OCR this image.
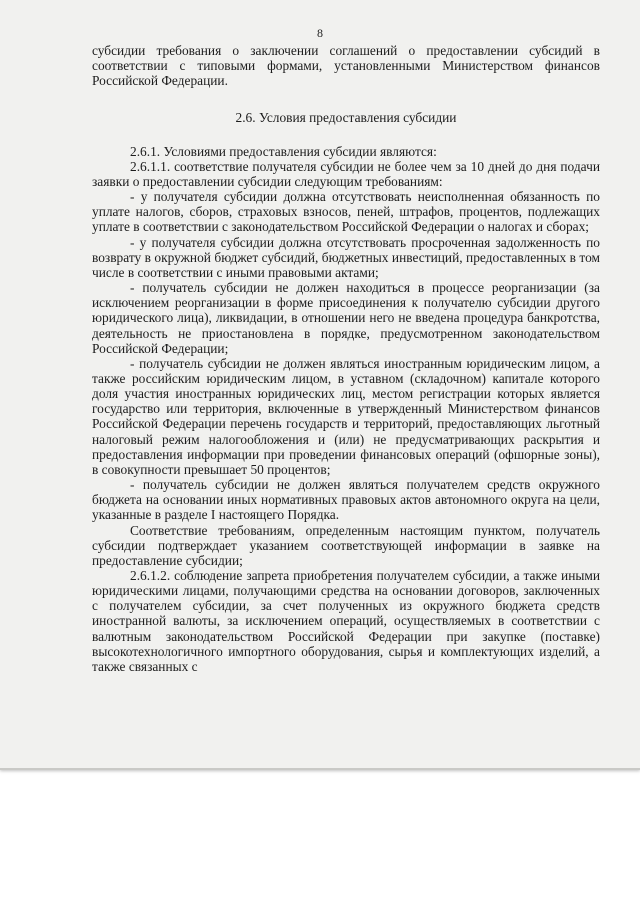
8

субсидии требования о заключении соглашений о предоставлении субсидий в соответствии с типовыми формами, установленными Министерством финансов Российской Федерации.

2.6. Условия предоставления субсидии

2.6.1. Условиями предоставления субсидии являются:

2.6.1.1. соответствие получателя субсидии не более чем за 10 дней до дня подачи заявки о предоставлении субсидии следующим требованиям:

- у получателя субсидии должна отсутствовать неисполненная обязанность по уплате налогов, сборов, страховых взносов, пеней, штрафов, процентов, подлежащих уплате в соответствии с законодательством Российской Федерации о налогах и сборах;

- у получателя субсидии должна отсутствовать просроченная задолженность по возврату в окружной бюджет субсидий, бюджетных инвестиций, предоставленных в том числе в соответствии с иными правовыми актами;

- получатель субсидии не должен находиться в процессе реорганизации (за исключением реорганизации в форме присоединения к получателю субсидии другого юридического лица), ликвидации, в отношении него не введена процедура банкротства, деятельность не приостановлена в порядке, предусмотренном законодательством Российской Федерации;

- получатель субсидии не должен являться иностранным юридическим лицом, а также российским юридическим лицом, в уставном (складочном) капитале которого доля участия иностранных юридических лиц, местом регистрации которых является государство или территория, включенные в утвержденный Министерством финансов Российской Федерации перечень государств и территорий, предоставляющих льготный налоговый режим налогообложения и (или) не предусматривающих раскрытия и предоставления информации при проведении финансовых операций (офшорные зоны), в совокупности превышает 50 процентов;

- получатель субсидии не должен являться получателем средств окружного бюджета на основании иных нормативных правовых актов автономного округа на цели, указанные в разделе I настоящего Порядка.

Соответствие требованиям, определенным настоящим пунктом, получатель субсидии подтверждает указанием соответствующей информации в заявке на предоставление субсидии;

2.6.1.2. соблюдение запрета приобретения получателем субсидии, а также иными юридическими лицами, получающими средства на основании договоров, заключенных с получателем субсидии, за счет полученных из окружного бюджета средств иностранной валюты, за исключением операций, осуществляемых в соответствии с валютным законодательством Российской Федерации при закупке (поставке) высокотехнологичного импортного оборудования, сырья и комплектующих изделий, а также связанных с
